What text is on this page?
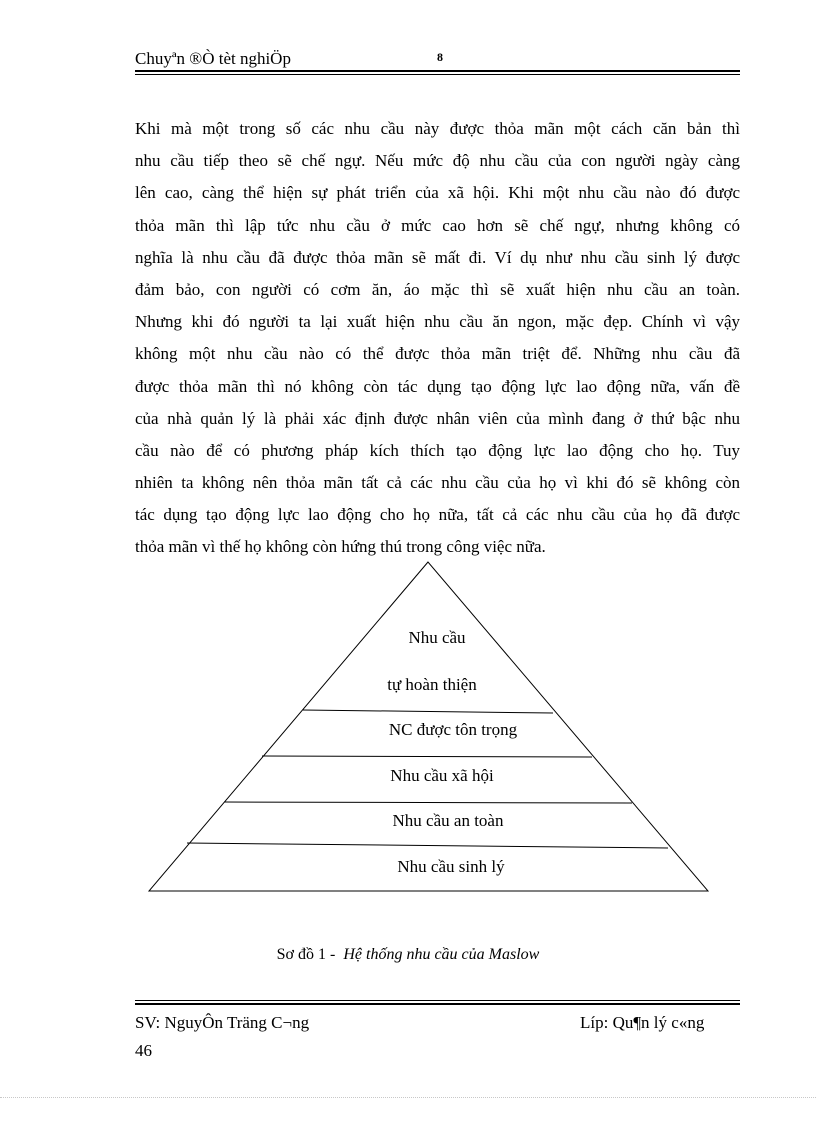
Chuyªn ®Ò tèt nghiÖp	8
Khi mà một trong số các nhu cầu này được thỏa mãn một cách căn bản thì
nhu cầu tiếp theo sẽ chế ngự. Nếu mức độ nhu cầu của con người ngày càng
lên cao, càng thể hiện sự phát triển của xã hội. Khi một nhu cầu nào đó được
thỏa mãn thì lập tức nhu cầu ở mức cao hơn sẽ chế ngự, nhưng không có
nghĩa là nhu cầu đã được thỏa mãn sẽ mất đi. Ví dụ như nhu cầu sinh lý được
đảm bảo, con người có cơm ăn, áo mặc thì sẽ xuất hiện nhu cầu an toàn.
Nhưng khi đó người ta lại xuất hiện nhu cầu ăn ngon, mặc đẹp. Chính vì vậy
không một nhu cầu nào có thể được thỏa mãn triệt để. Những nhu cầu đã
được thỏa mãn thì nó không còn tác dụng tạo động lực lao động nữa, vấn đề
của nhà quản lý là phải xác định được nhân viên của mình đang ở thứ bậc nhu
cầu nào để có phương pháp kích thích tạo động lực lao động cho họ. Tuy
nhiên ta không nên thỏa mãn tất cả các nhu cầu của họ vì khi đó sẽ không còn
tác dụng tạo động lực lao động cho họ nữa, tất cả các nhu cầu của họ đã được
thỏa mãn vì thế họ không còn hứng thú trong công việc nữa.
Nhu cầu
tự hoàn thiện
NC được tôn trọng
Nhu cầu xã hội
Nhu cầu an toàn
Nhu cầu sinh lý
Sơ đồ 1 - Hệ thống nhu cầu của Maslow
SV: NguyÔn Träng C¬ng	Líp: Qu¶n lý c«ng
46
